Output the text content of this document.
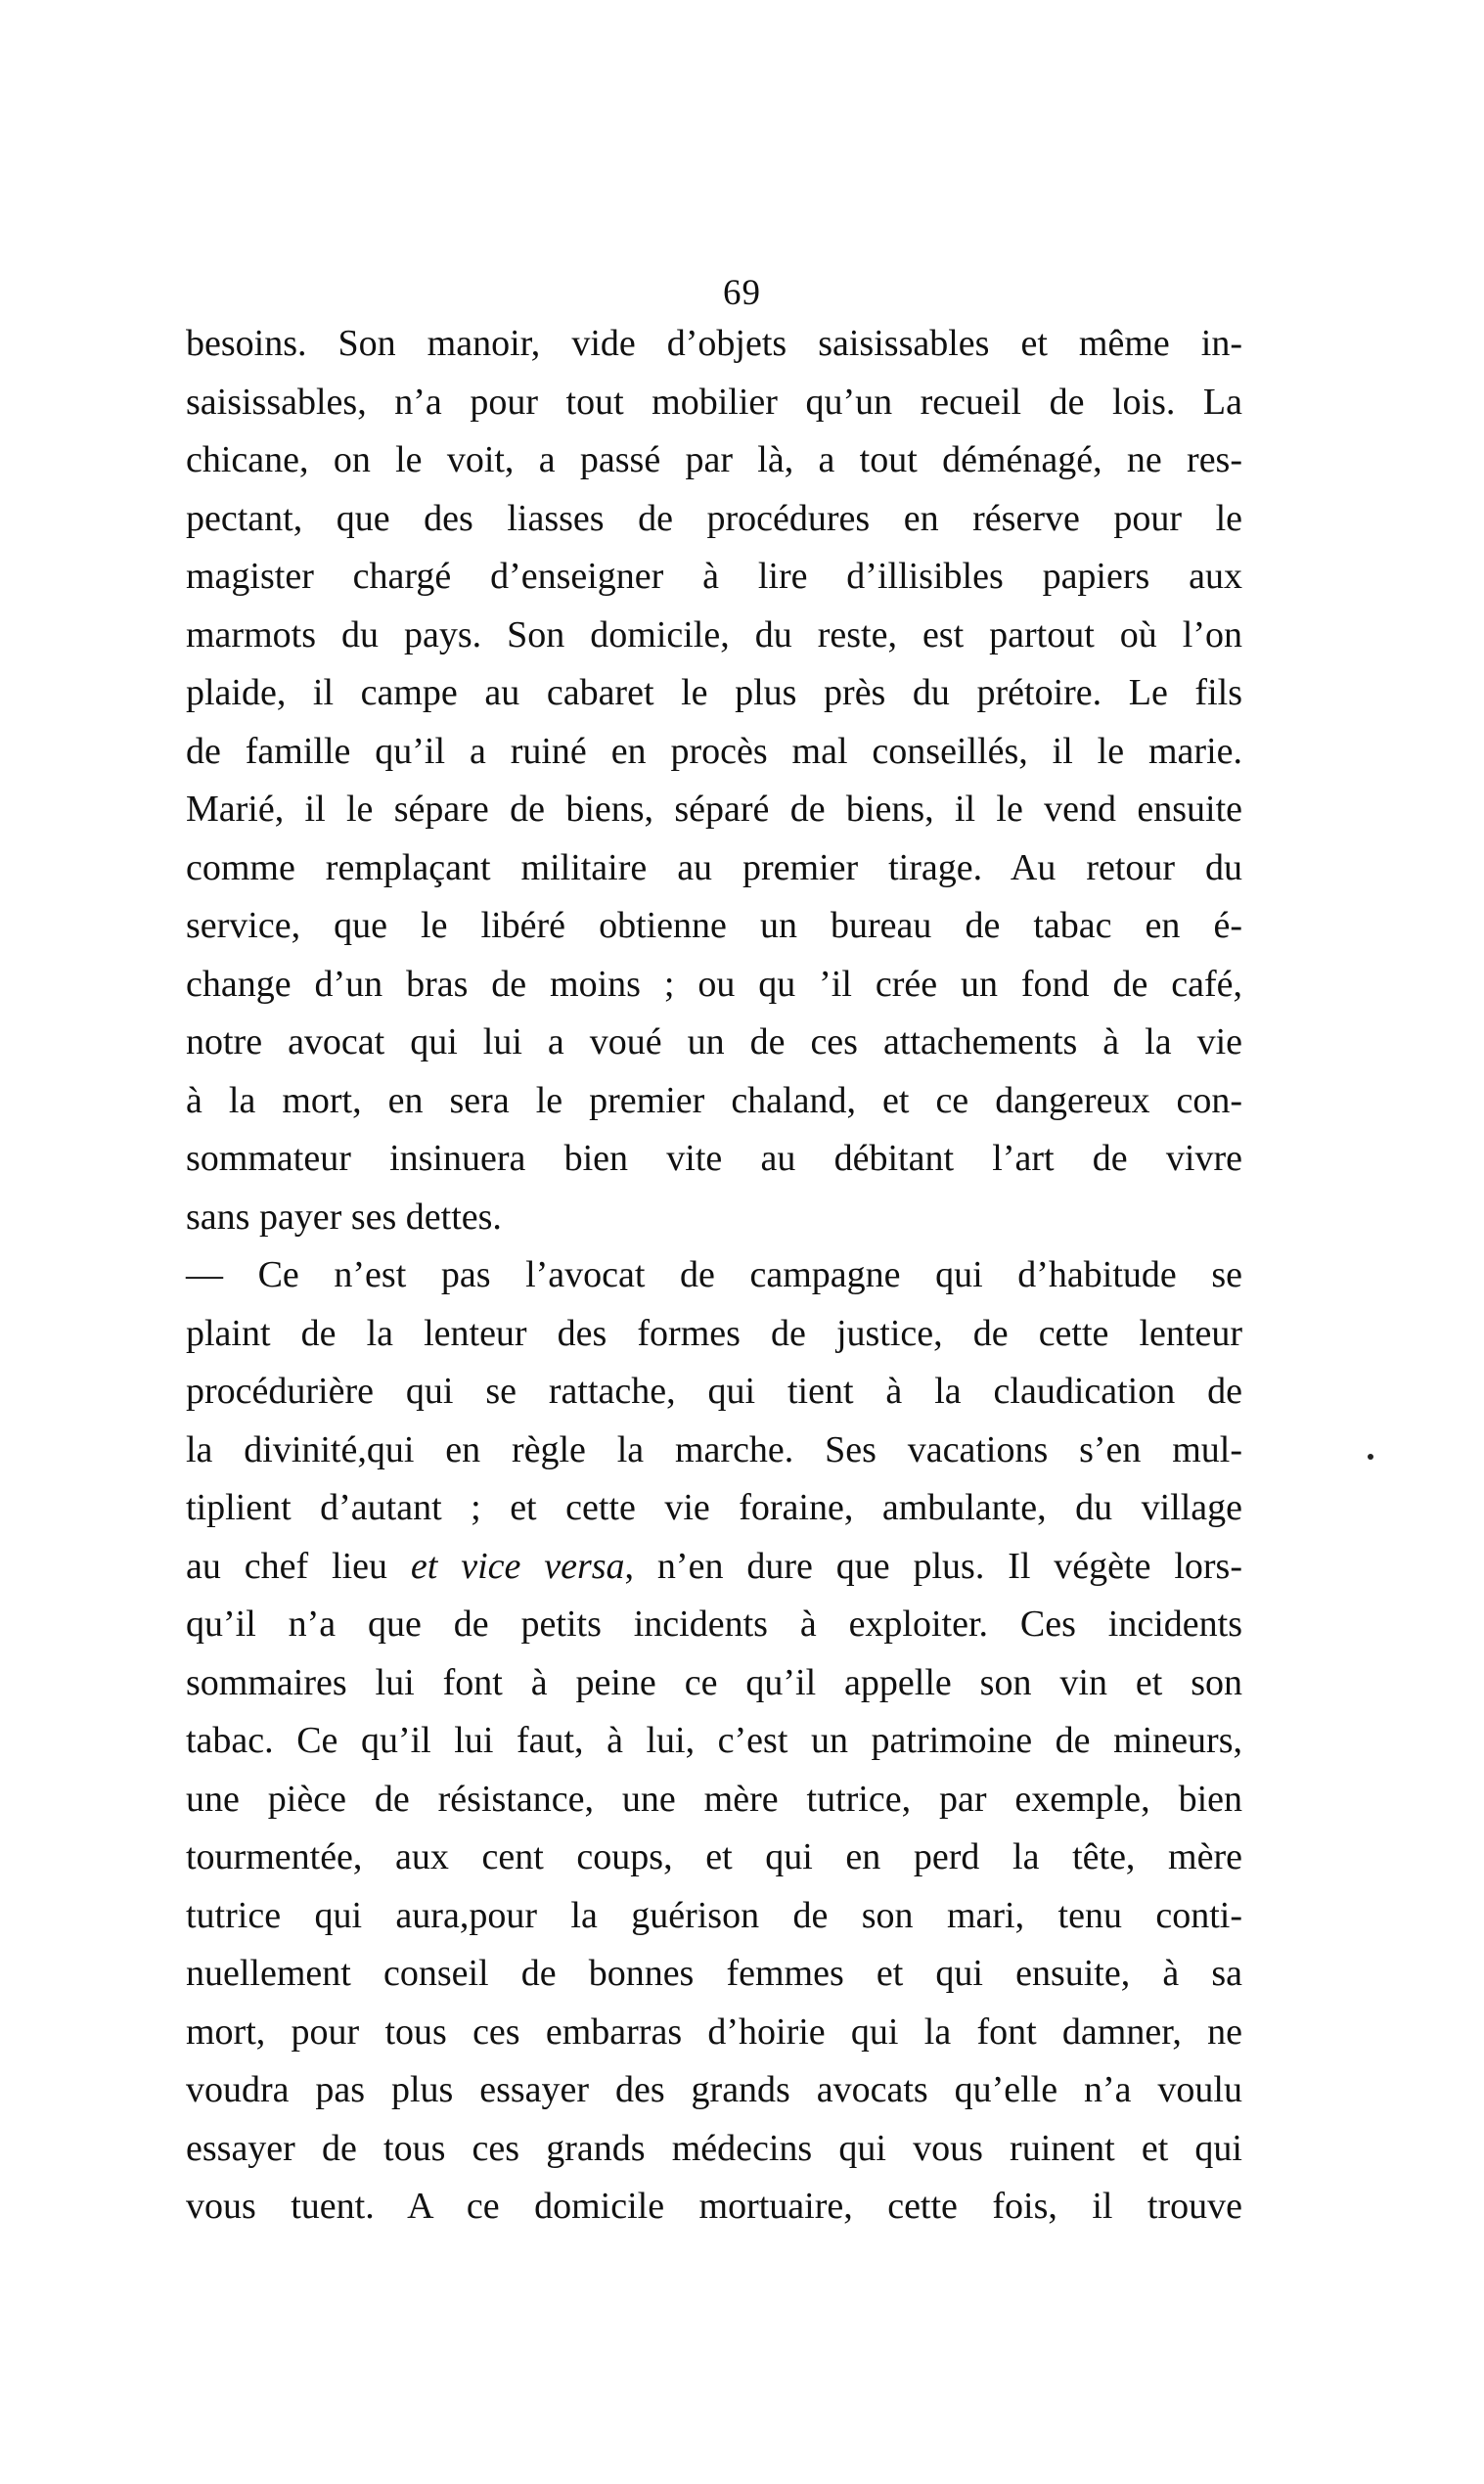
69
besoins. Son manoir, vide d’objets saisissables et même in-
saisissables, n’a pour tout mobilier qu’un recueil de lois. La
chicane, on le voit, a passé par là, a tout déménagé, ne res-
pectant, que des liasses de procédures en réserve pour le
magister chargé d’enseigner à lire d’illisibles papiers aux
marmots du pays. Son domicile, du reste, est partout où l’on
plaide, il campe au cabaret le plus près du prétoire. Le fils
de famille qu’il a ruiné en procès mal conseillés, il le marie.
Marié, il le sépare de biens, séparé de biens, il le vend ensuite
comme remplaçant militaire au premier tirage. Au retour du
service, que le libéré obtienne un bureau de tabac en é-
change d’un bras de moins ; ou qu ’il crée un fond de café,
notre avocat qui lui a voué un de ces attachements à la vie
à la mort, en sera le premier chaland, et ce dangereux con-
sommateur insinuera bien vite au débitant l’art de vivre
sans payer ses dettes.
— Ce n’est pas l’avocat de campagne qui d’habitude se
plaint de la lenteur des formes de justice, de cette lenteur
procédurière qui se rattache, qui tient à la claudication de
la divinité,qui en règle la marche. Ses vacations s’en mul-
tiplient d’autant ; et cette vie foraine, ambulante, du village
au chef lieu et vice versa, n’en dure que plus. Il végète lors-
qu’il n’a que de petits incidents à exploiter. Ces incidents
sommaires lui font à peine ce qu’il appelle son vin et son
tabac. Ce qu’il lui faut, à lui, c’est un patrimoine de mineurs,
une pièce de résistance, une mère tutrice, par exemple, bien
tourmentée, aux cent coups, et qui en perd la tête, mère
tutrice qui aura,pour la guérison de son mari, tenu conti-
nuellement conseil de bonnes femmes et qui ensuite, à sa
mort, pour tous ces embarras d’hoirie qui la font damner, ne
voudra pas plus essayer des grands avocats qu’elle n’a voulu
essayer de tous ces grands médecins qui vous ruinent et qui
vous tuent. A ce domicile mortuaire, cette fois, il trouve
